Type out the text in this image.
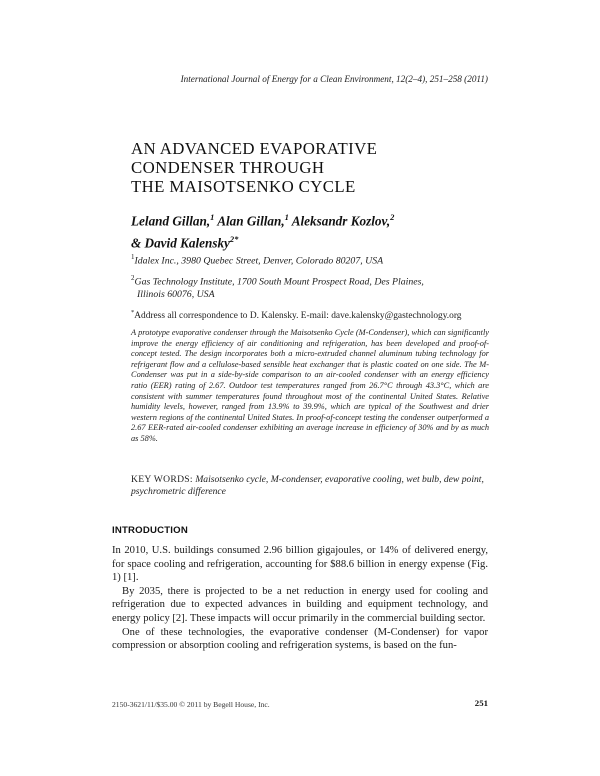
International Journal of Energy for a Clean Environment, 12(2–4), 251–258 (2011)
AN ADVANCED EVAPORATIVE
CONDENSER THROUGH
THE MAISOTSENKO CYCLE
Leland Gillan,$^1$ Alan Gillan,$^1$ Aleksandr Kozlov,$^2$
& David Kalensky$^{2*}$
$^1$Idalex Inc., 3980 Quebec Street, Denver, Colorado 80207, USA
$^2$Gas Technology Institute, 1700 South Mount Prospect Road, Des Plaines,
Illinois 60076, USA
*Address all correspondence to D. Kalensky. E-mail: dave.kalensky@gastechnology.org

A prototype evaporative condenser through the Maisotsenko Cycle (M-Condenser), which can significantly improve the energy efficiency of air conditioning and refrigeration, has been developed and proof-of-concept tested. The design incorporates both a micro-extruded channel aluminum tubing technology for refrigerant flow and a cellulose-based sensible heat exchanger that is plastic coated on one side. The M-Condenser was put in a side-by-side comparison to an air-cooled condenser with an energy efficiency ratio (EER) rating of 2.67. Outdoor test temperatures ranged from 26.7°C through 43.3°C, which are consistent with summer temperatures found throughout most of the continental United States. Relative humidity levels, however, ranged from 13.9% to 39.9%, which are typical of the Southwest and drier western regions of the continental United States. In proof-of-concept testing the condenser outperformed a 2.67 EER-rated air-cooled condenser exhibiting an average increase in efficiency of 30% and by as much as 58%.

KEY WORDS: Maisotsenko cycle, M-condenser, evaporative cooling, wet bulb, dew point, psychrometric difference
INTRODUCTION

In 2010, U.S. buildings consumed 2.96 billion gigajoules, or 14% of delivered energy, for space cooling and refrigeration, accounting for $88.6 billion in energy expense (Fig. 1) [1].

By 2035, there is projected to be a net reduction in energy used for cooling and refrigeration due to expected advances in building and equipment technology, and energy policy [2]. These impacts will occur primarily in the commercial building sector.

One of these technologies, the evaporative condenser (M-Condenser) for vapor compression or absorption cooling and refrigeration systems, is based on the fun-

2150-3621/11/$35.00 © 2011 by Begell House, Inc.	251
